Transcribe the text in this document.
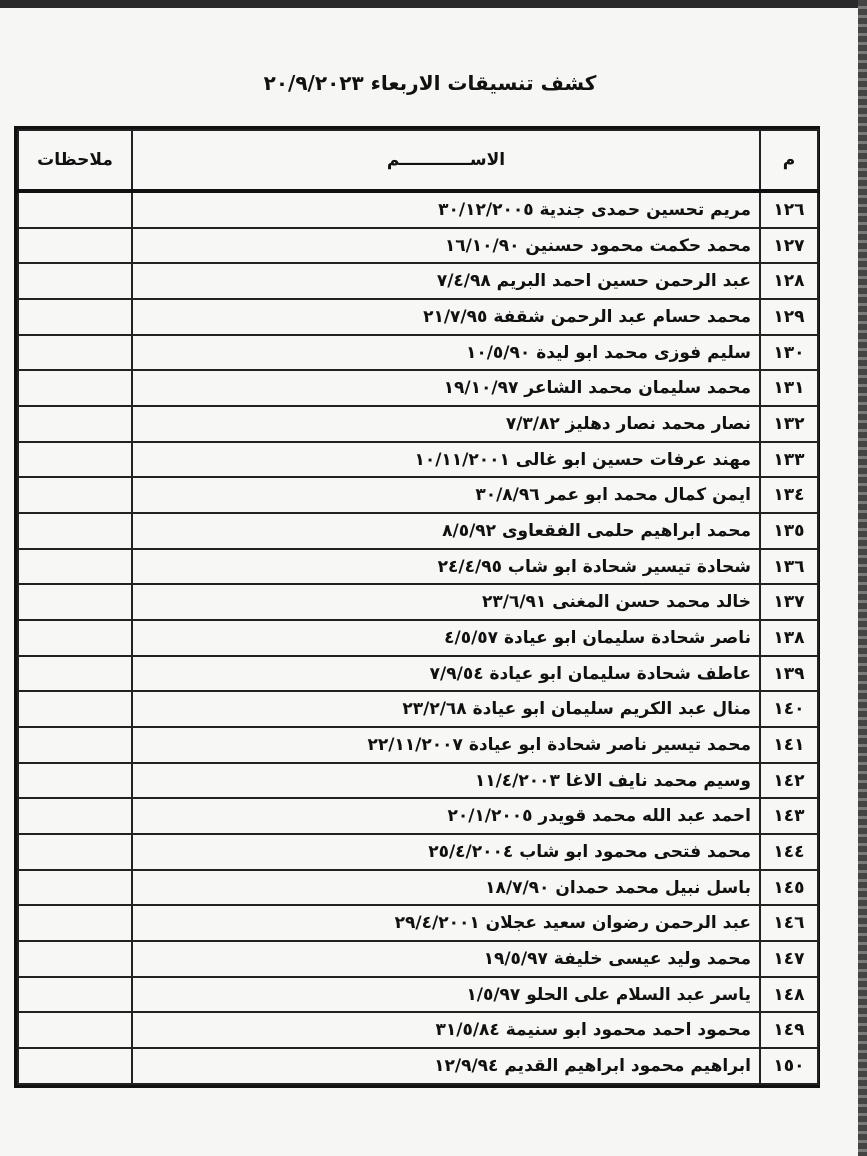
كشف تنسيقات الاربعاء ٢٠/٩/٢٠٢٣
م	الاســــــــــــم	ملاحظات
١٢٦	مريم تحسين حمدى جندية ٣٠/١٢/٢٠٠٥	
١٢٧	محمد حكمت محمود حسنين ١٦/١٠/٩٠	
١٢٨	عبد الرحمن حسين احمد البريم ٧/٤/٩٨	
١٢٩	محمد حسام عبد الرحمن شقفة ٢١/٧/٩٥	
١٣٠	سليم فوزى محمد ابو ليدة ١٠/٥/٩٠	
١٣١	محمد سليمان محمد الشاعر ١٩/١٠/٩٧	
١٣٢	نصار محمد نصار دهليز ٧/٣/٨٢	
١٣٣	مهند عرفات حسين ابو غالى ١٠/١١/٢٠٠١	
١٣٤	ايمن كمال محمد ابو عمر ٣٠/٨/٩٦	
١٣٥	محمد ابراهيم حلمى الفقعاوى ٨/٥/٩٢	
١٣٦	شحادة تيسير شحادة ابو شاب ٢٤/٤/٩٥	
١٣٧	خالد محمد حسن المغنى ٢٣/٦/٩١	
١٣٨	ناصر شحادة سليمان ابو عيادة ٤/٥/٥٧	
١٣٩	عاطف شحادة سليمان ابو عيادة ٧/٩/٥٤	
١٤٠	منال عبد الكريم سليمان ابو عيادة ٢٣/٢/٦٨	
١٤١	محمد تيسير ناصر شحادة ابو عيادة ٢٢/١١/٢٠٠٧	
١٤٢	وسيم محمد نايف الاغا ١١/٤/٢٠٠٣	
١٤٣	احمد عبد الله محمد قويدر ٢٠/١/٢٠٠٥	
١٤٤	محمد فتحى محمود ابو شاب ٢٥/٤/٢٠٠٤	
١٤٥	باسل نبيل محمد حمدان ١٨/٧/٩٠	
١٤٦	عبد الرحمن رضوان سعيد عجلان ٢٩/٤/٢٠٠١	
١٤٧	محمد وليد عيسى خليفة ١٩/٥/٩٧	
١٤٨	ياسر عبد السلام على الحلو ١/٥/٩٧	
١٤٩	محمود احمد محمود ابو سنيمة ٣١/٥/٨٤	
١٥٠	ابراهيم محمود ابراهيم القديم ١٢/٩/٩٤	
